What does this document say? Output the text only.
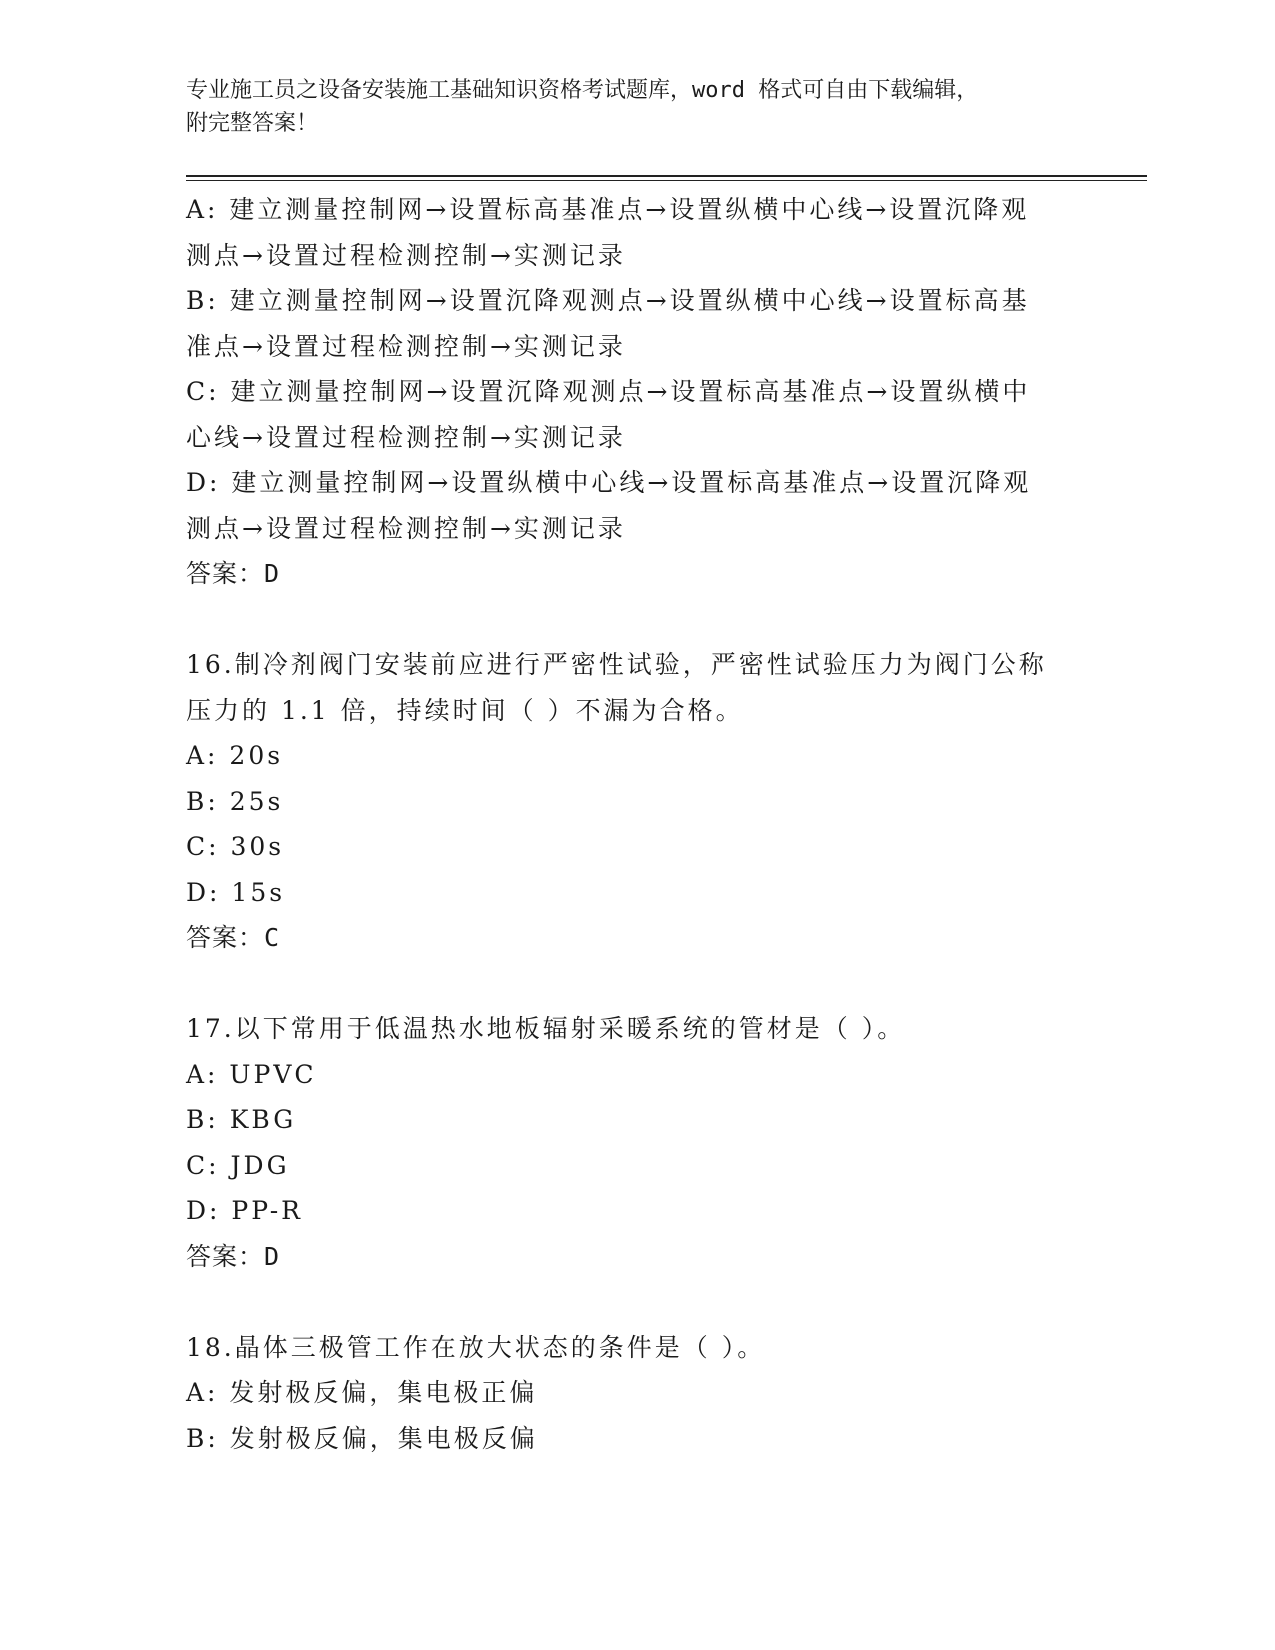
专业施工员之设备安装施工基础知识资格考试题库，word 格式可自由下载编辑，
附完整答案！
A: 建立测量控制网→设置标高基准点→设置纵横中心线→设置沉降观
测点→设置过程检测控制→实测记录
B: 建立测量控制网→设置沉降观测点→设置纵横中心线→设置标高基
准点→设置过程检测控制→实测记录
C: 建立测量控制网→设置沉降观测点→设置标高基准点→设置纵横中
心线→设置过程检测控制→实测记录
D: 建立测量控制网→设置纵横中心线→设置标高基准点→设置沉降观
测点→设置过程检测控制→实测记录
答案：D
16.制冷剂阀门安装前应进行严密性试验，严密性试验压力为阀门公称
压力的 1.1 倍，持续时间（ ）不漏为合格。
A: 20s
B: 25s
C: 30s
D: 15s
答案：C
17.以下常用于低温热水地板辐射采暖系统的管材是（ ）。
A: UPVC
B: KBG
C: JDG
D: PP-R
答案：D
18.晶体三极管工作在放大状态的条件是（ ）。
A: 发射极反偏，集电极正偏
B: 发射极反偏，集电极反偏
